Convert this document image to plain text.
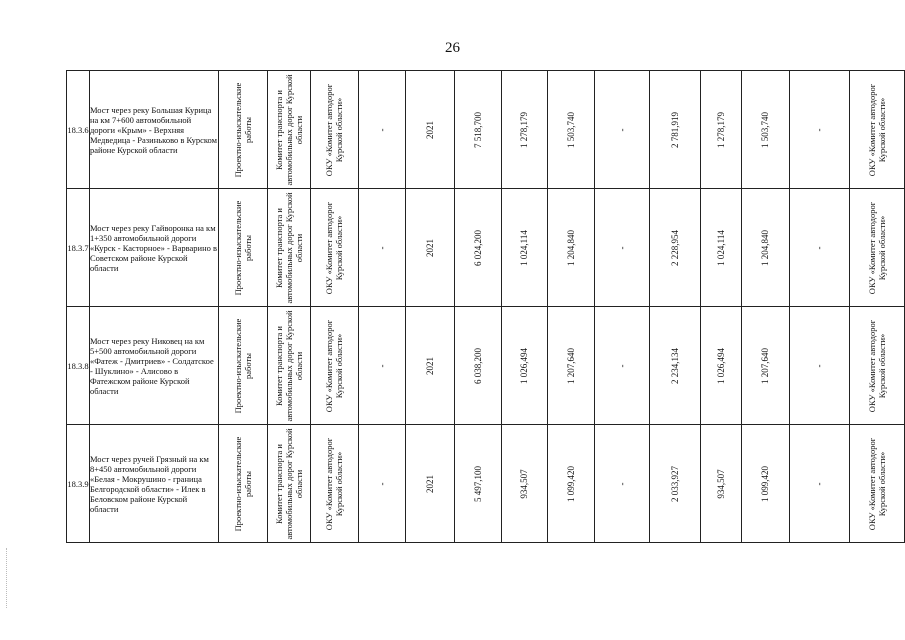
26
18.3.6	Мост через реку Большая Курица на км 7+600 автомобильной дороги «Крым» - Верхняя Медведица - Разиньково в Курском районе Курской области	Проектно-изыскательские работы	Комитет транспорта и автомобильных дорог Курской области	ОКУ «Комитет автодорог Курской области»	-	2021	7 518,700	1 278,179	1 503,740	-	2 781,919	1 278,179	1 503,740	-	ОКУ «Комитет автодорог Курской области»

18.3.7	Мост через реку Гайворонка на км 1+350 автомобильной дороги «Курск - Касторное» - Варварино в Советском районе Курской области	Проектно-изыскательские работы	Комитет транспорта и автомобильных дорог Курской области	ОКУ «Комитет автодорог Курской области»	-	2021	6 024,200	1 024,114	1 204,840	-	2 228,954	1 024,114	1 204,840	-	ОКУ «Комитет автодорог Курской области»

18.3.8	Мост через реку Никовец на км 5+500 автомобильной дороги «Фатеж - Дмитриев» - Солдатское - Шуклино» - Алисово в Фатежском районе Курской области	Проектно-изыскательские работы	Комитет транспорта и автомобильных дорог Курской области	ОКУ «Комитет автодорог Курской области»	-	2021	6 038,200	1 026,494	1 207,640	-	2 234,134	1 026,494	1 207,640	-	ОКУ «Комитет автодорог Курской области»

18.3.9	Мост через ручей Грязный на км 8+450 автомобильной дороги «Белая - Мокрушино - граница Белгородской области» - Илек в Беловском районе Курской области	Проектно-изыскательские работы	Комитет транспорта и автомобильных дорог Курской области	ОКУ «Комитет автодорог Курской области»	-	2021	5 497,100	934,507	1 099,420	-	2 033,927	934,507	1 099,420	-	ОКУ «Комитет автодорог Курской области»
